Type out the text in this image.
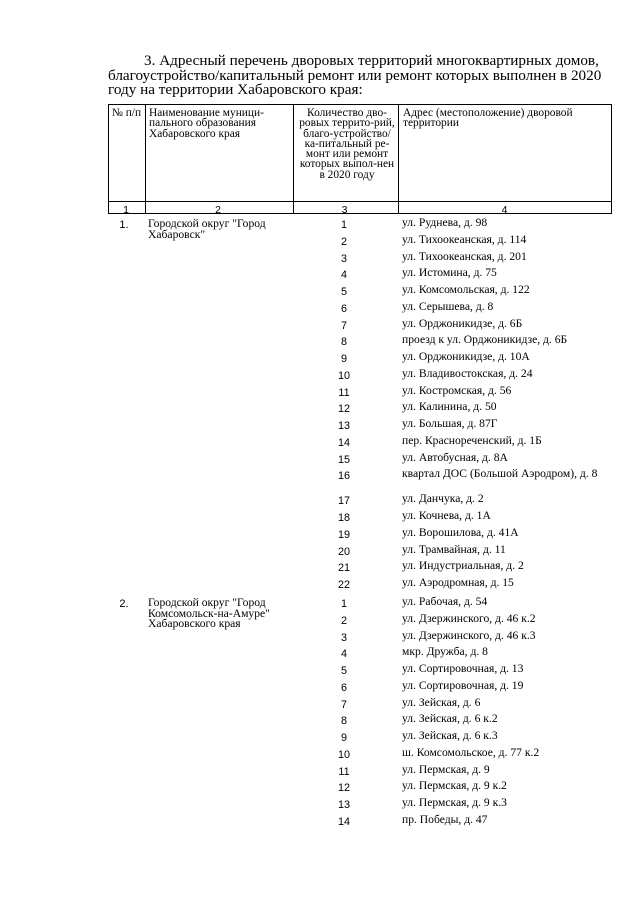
3. Адресный перечень дворовых территорий многоквартирных домов,
благоустройство/капитальный ремонт или ремонт которых выполнен в 2020
году на территории Хабаровского края:
№ п/п Наименование муници-пального образования Хабаровского края
Количество дво-ровых террито-рий, благо-устройство/ ка-питальный ре-монт или ремонт которых выпол-нен в 2020 году
Адрес (местоположение) дворовой территории
1	2	3	4
1.	Городской округ "Город Хабаровск"
1	ул. Руднева, д. 98
2	ул. Тихоокеанская, д. 114
3	ул. Тихоокеанская, д. 201
4	ул. Истомина, д. 75
5	ул. Комсомольская, д. 122
6	ул. Серышева, д. 8
7	ул. Орджоникидзе, д. 6Б
8	проезд к ул. Орджоникидзе, д. 6Б
9	ул. Орджоникидзе, д. 10А
10	ул. Владивостокская, д. 24
11	ул. Костромская, д. 56
12	ул. Калинина, д. 50
13	ул. Большая, д. 87Г
14	пер. Краснореченский, д. 1Б
15	ул. Автобусная, д. 8А
16	квартал ДОС (Большой Аэродром), д. 8
17	ул. Данчука, д. 2
18	ул. Кочнева, д. 1А
19	ул. Ворошилова, д. 41А
20	ул. Трамвайная, д. 11
21	ул. Индустриальная, д. 2
22	ул. Аэродромная, д. 15
2.	Городской округ "Город Комсомольск-на-Амуре" Хабаровского края
1	ул. Рабочая, д. 54
2	ул. Дзержинского, д. 46 к.2
3	ул. Дзержинского, д. 46 к.3
4	мкр. Дружба, д. 8
5	ул. Сортировочная, д. 13
6	ул. Сортировочная, д. 19
7	ул. Зейская, д. 6
8	ул. Зейская, д. 6 к.2
9	ул. Зейская, д. 6 к.3
10	ш. Комсомольское, д. 77 к.2
11	ул. Пермская, д. 9
12	ул. Пермская, д. 9 к.2
13	ул. Пермская, д. 9 к.3
14	пр. Победы, д. 47
